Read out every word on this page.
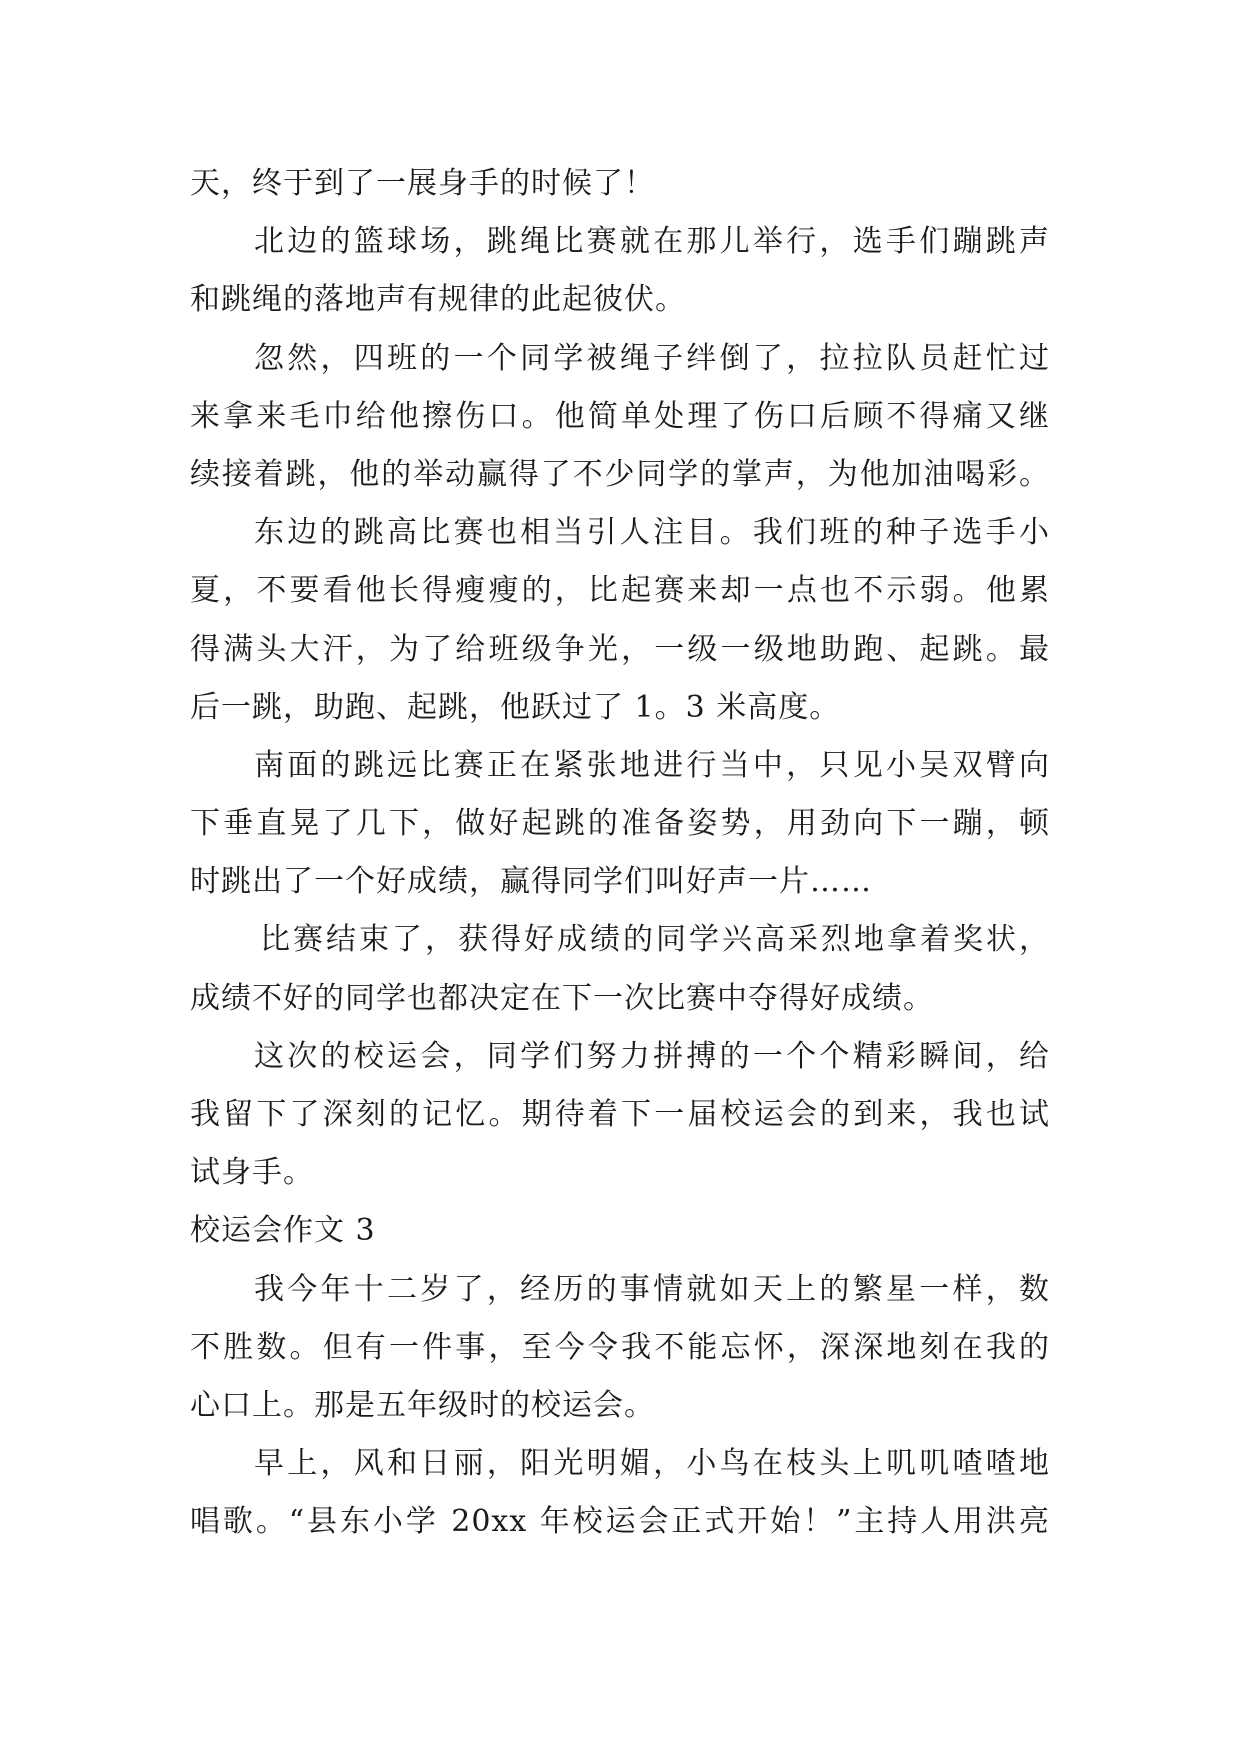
天，终于到了一展身手的时候了！
北边的篮球场，跳绳比赛就在那儿举行，选手们蹦跳声
和跳绳的落地声有规律的此起彼伏。
忽然，四班的一个同学被绳子绊倒了，拉拉队员赶忙过
来拿来毛巾给他擦伤口。他简单处理了伤口后顾不得痛又继
续接着跳，他的举动赢得了不少同学的掌声，为他加油喝彩。
东边的跳高比赛也相当引人注目。我们班的种子选手小
夏，不要看他长得瘦瘦的，比起赛来却一点也不示弱。他累
得满头大汗，为了给班级争光，一级一级地助跑、起跳。最
后一跳，助跑、起跳，他跃过了 1。3 米高度。
南面的跳远比赛正在紧张地进行当中，只见小吴双臂向
下垂直晃了几下，做好起跳的准备姿势，用劲向下一蹦，顿
时跳出了一个好成绩，赢得同学们叫好声一片……
比赛结束了，获得好成绩的同学兴高采烈地拿着奖状，
成绩不好的同学也都决定在下一次比赛中夺得好成绩。
这次的校运会，同学们努力拼搏的一个个精彩瞬间，给
我留下了深刻的记忆。期待着下一届校运会的到来，我也试
试身手。
校运会作文 3
我今年十二岁了，经历的事情就如天上的繁星一样，数
不胜数。但有一件事，至今令我不能忘怀，深深地刻在我的
心口上。那是五年级时的校运会。
早上，风和日丽，阳光明媚，小鸟在枝头上叽叽喳喳地
唱歌。“县东小学 20xx 年校运会正式开始！”主持人用洪亮
